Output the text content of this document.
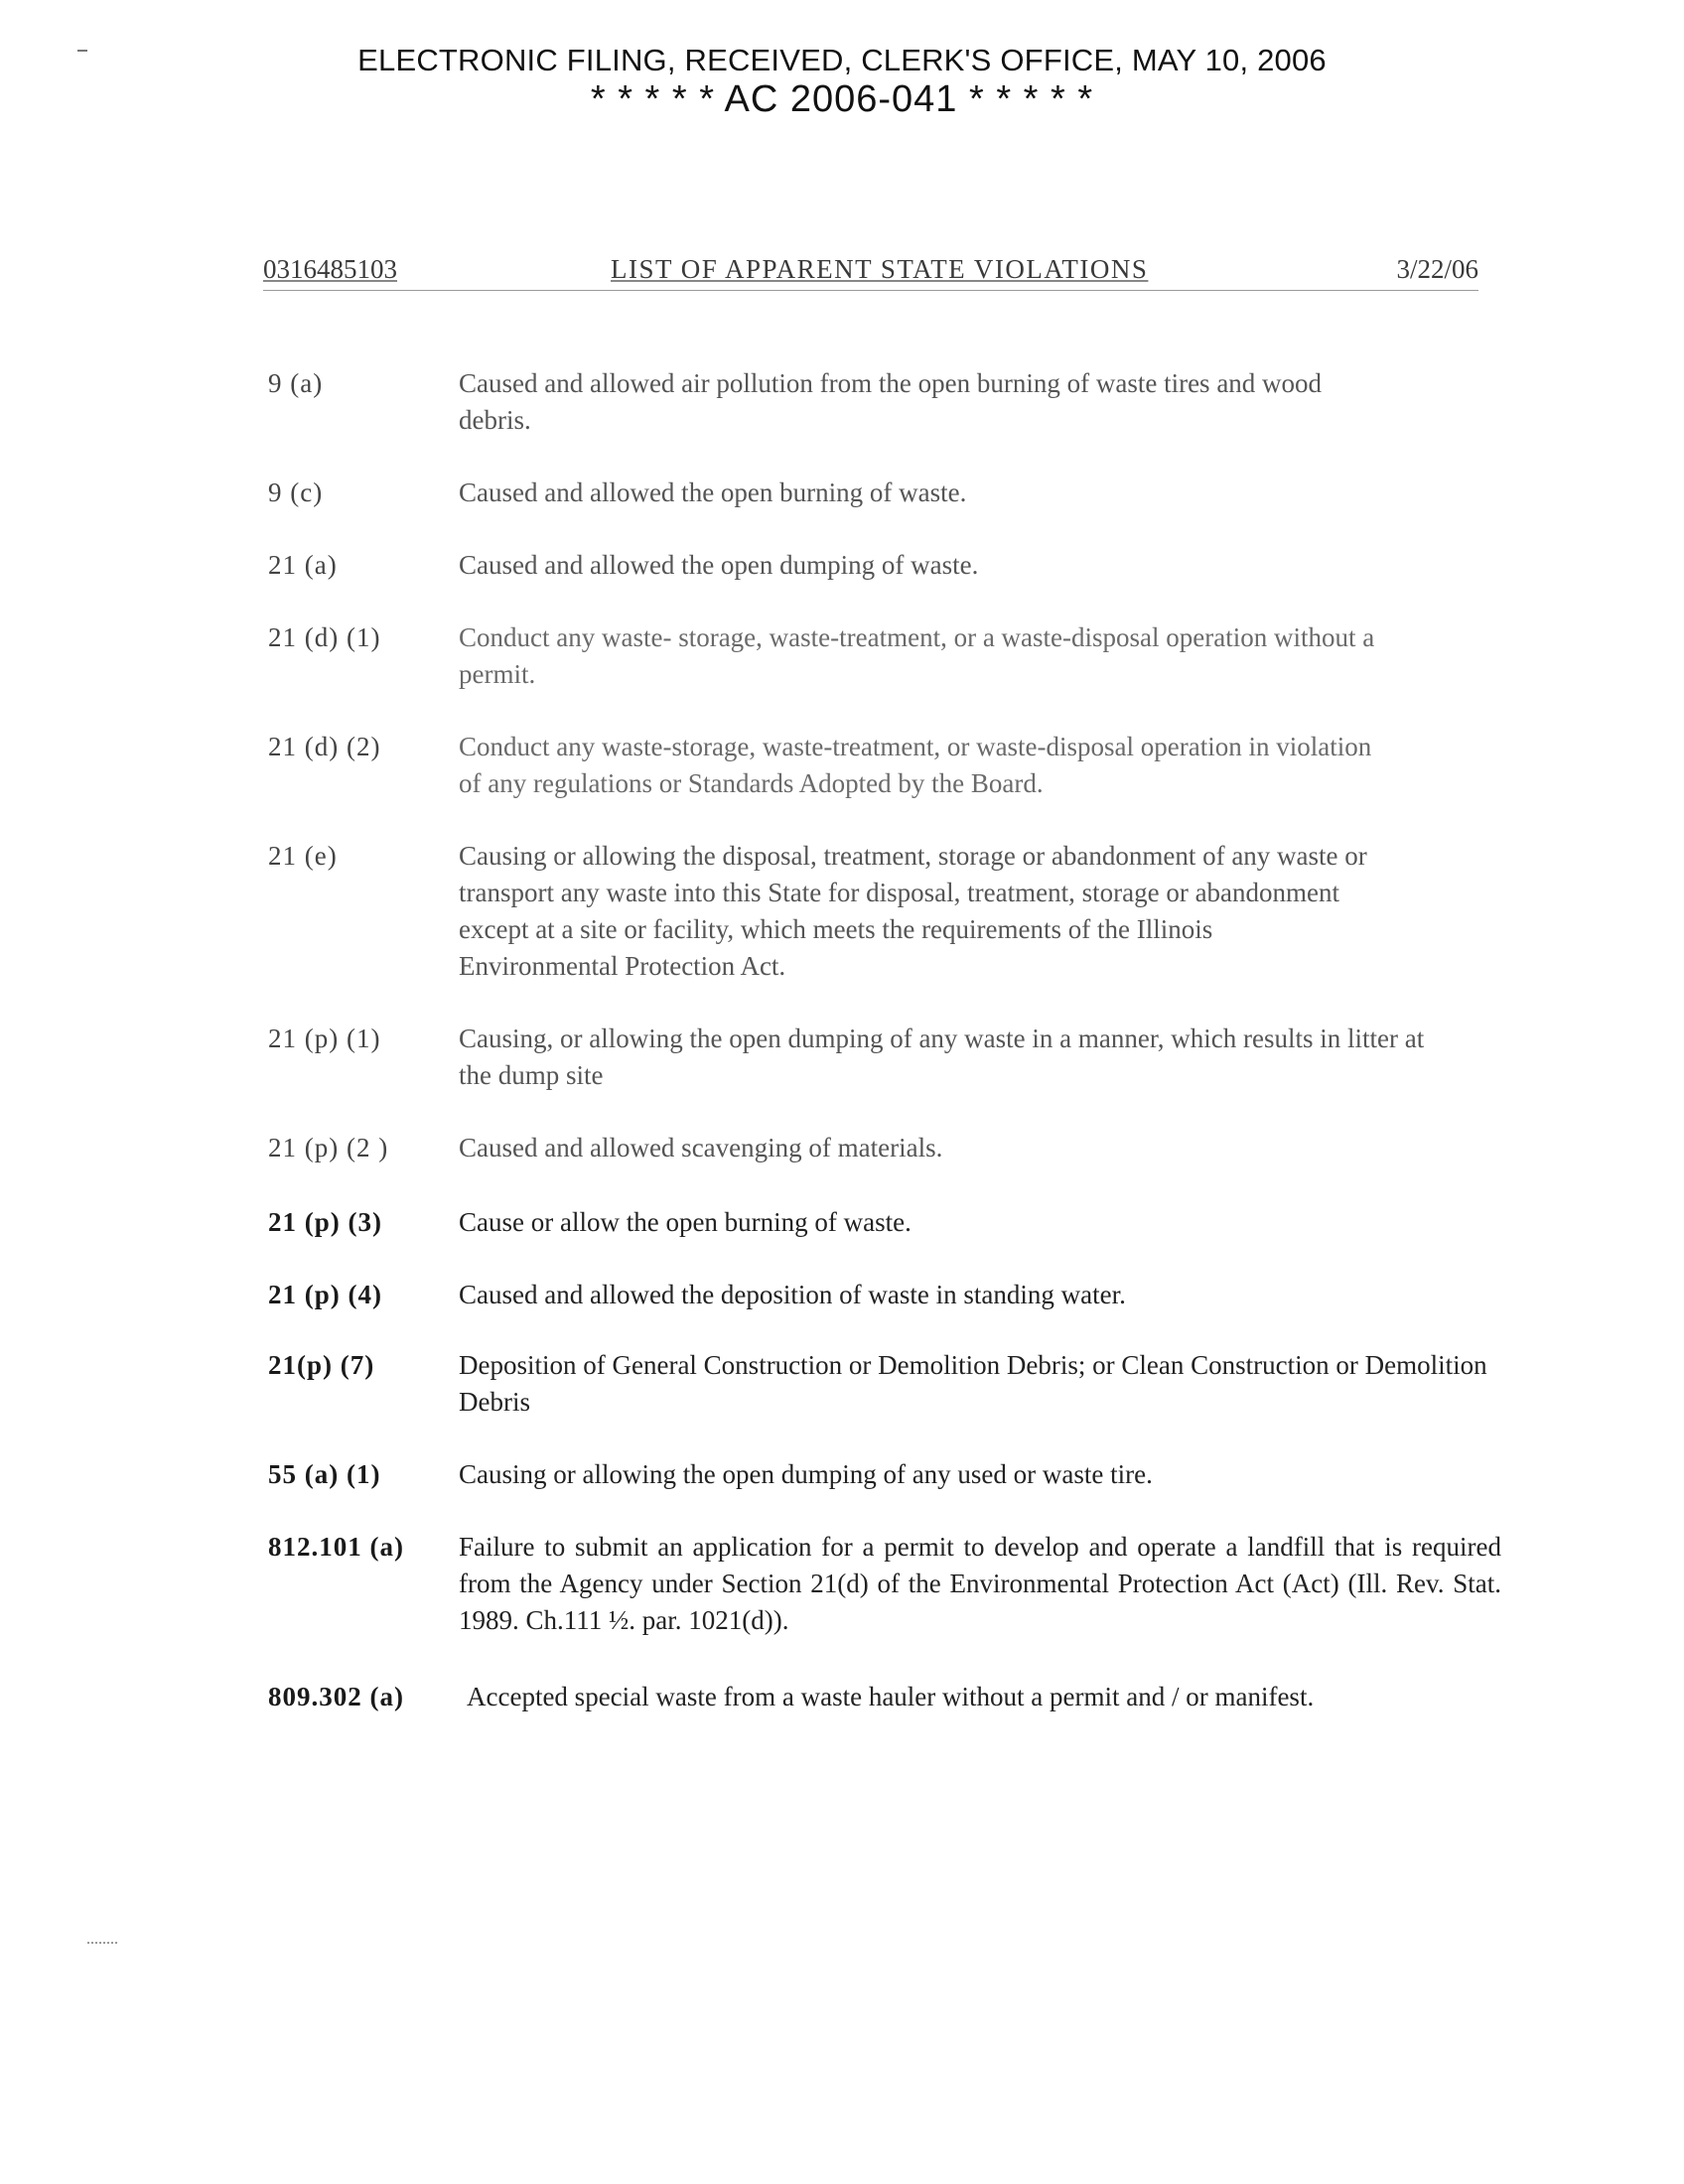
ELECTRONIC FILING, RECEIVED, CLERK'S OFFICE, MAY 10, 2006
* * * * * AC 2006-041 * * * * *
0316485103	LIST OF APPARENT STATE VIOLATIONS	3/22/06
9 (a)	Caused and allowed air pollution from the open burning of waste tires and wood debris.
9 (c)	Caused and allowed the open burning of waste.
21 (a)	Caused and allowed the open dumping of waste.
21 (d) (1)	Conduct any waste- storage, waste-treatment, or a waste-disposal operation without a permit.
21 (d) (2)	Conduct any waste-storage, waste-treatment, or waste-disposal operation in violation of any regulations or Standards Adopted by the Board.
21 (e)	Causing or allowing the disposal, treatment, storage or abandonment of any waste or transport any waste into this State for disposal, treatment, storage or abandonment except at a site or facility, which meets the requirements of the Illinois Environmental Protection Act.
21 (p) (1)	Causing, or allowing the open dumping of any waste in a manner, which results in litter at the dump site
21 (p) (2 )	Caused and allowed scavenging of materials.
21 (p) (3)	Cause or allow the open burning of waste.
21 (p) (4)	Caused and allowed the deposition of waste in standing water.
21(p) (7)	Deposition of General Construction or Demolition Debris; or Clean Construction or Demolition Debris
55 (a) (1)	Causing or allowing the open dumping of any used or waste tire.
812.101 (a)	Failure to submit an application for a permit to develop and operate a landfill that is required from the Agency under Section 21(d) of the Environmental Protection Act (Act) (Ill. Rev. Stat. 1989. Ch.111 ½. par. 1021(d)).
809.302 (a)	Accepted special waste from a waste hauler without a permit and / or manifest.
